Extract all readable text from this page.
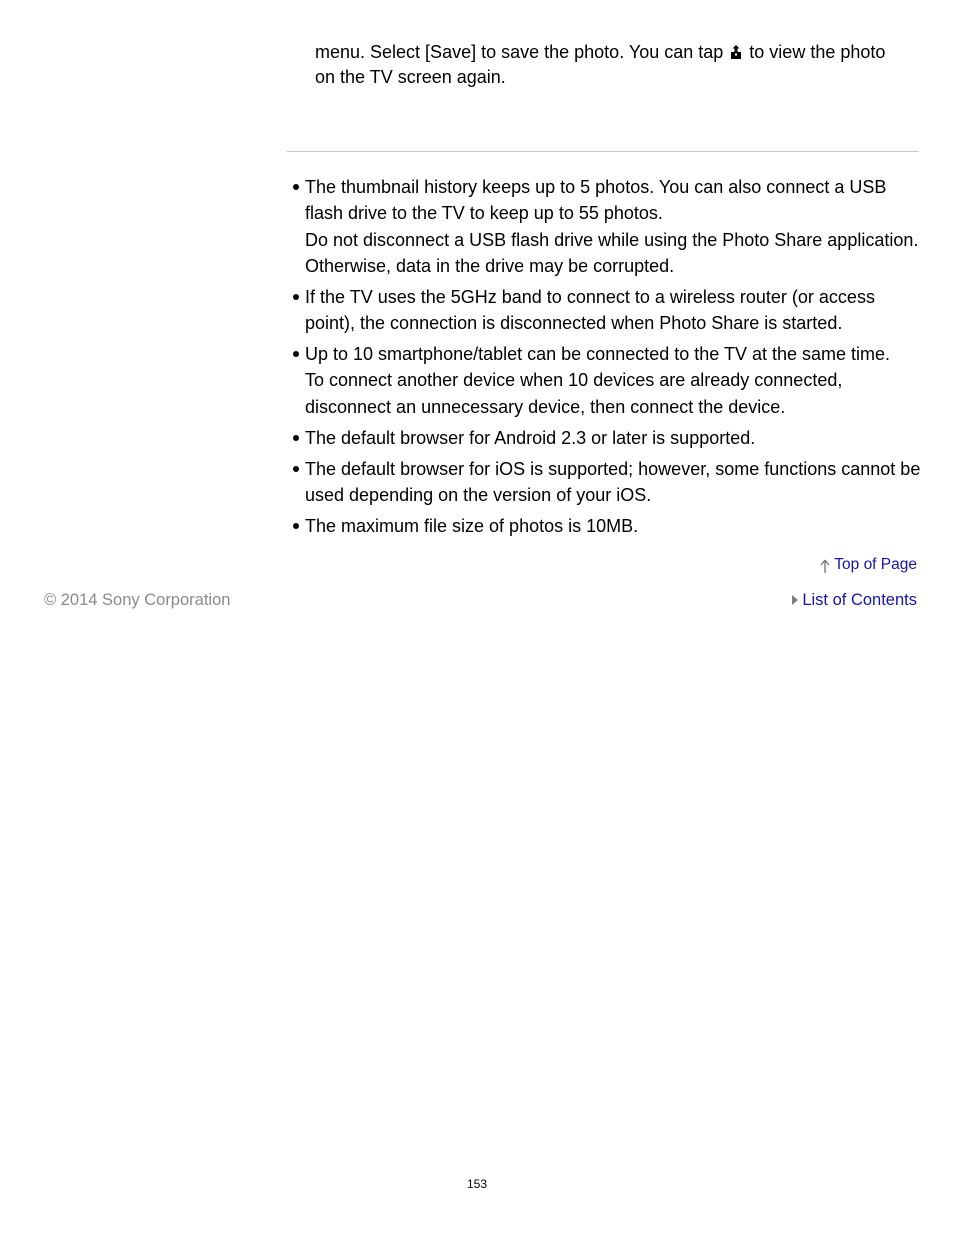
menu. Select [Save] to save the photo. You can tap  to view the photo on the TV screen again.

The thumbnail history keeps up to 5 photos. You can also connect a USB flash drive to the TV to keep up to 55 photos.
Do not disconnect a USB flash drive while using the Photo Share application. Otherwise, data in the drive may be corrupted.
If the TV uses the 5GHz band to connect to a wireless router (or access point), the connection is disconnected when Photo Share is started.
Up to 10 smartphone/tablet can be connected to the TV at the same time.
To connect another device when 10 devices are already connected, disconnect an unnecessary device, then connect the device.
The default browser for Android 2.3 or later is supported.
The default browser for iOS is supported; however, some functions cannot be used depending on the version of your iOS.
The maximum file size of photos is 10MB.
Top of Page
© 2014 Sony Corporation	List of Contents
153
